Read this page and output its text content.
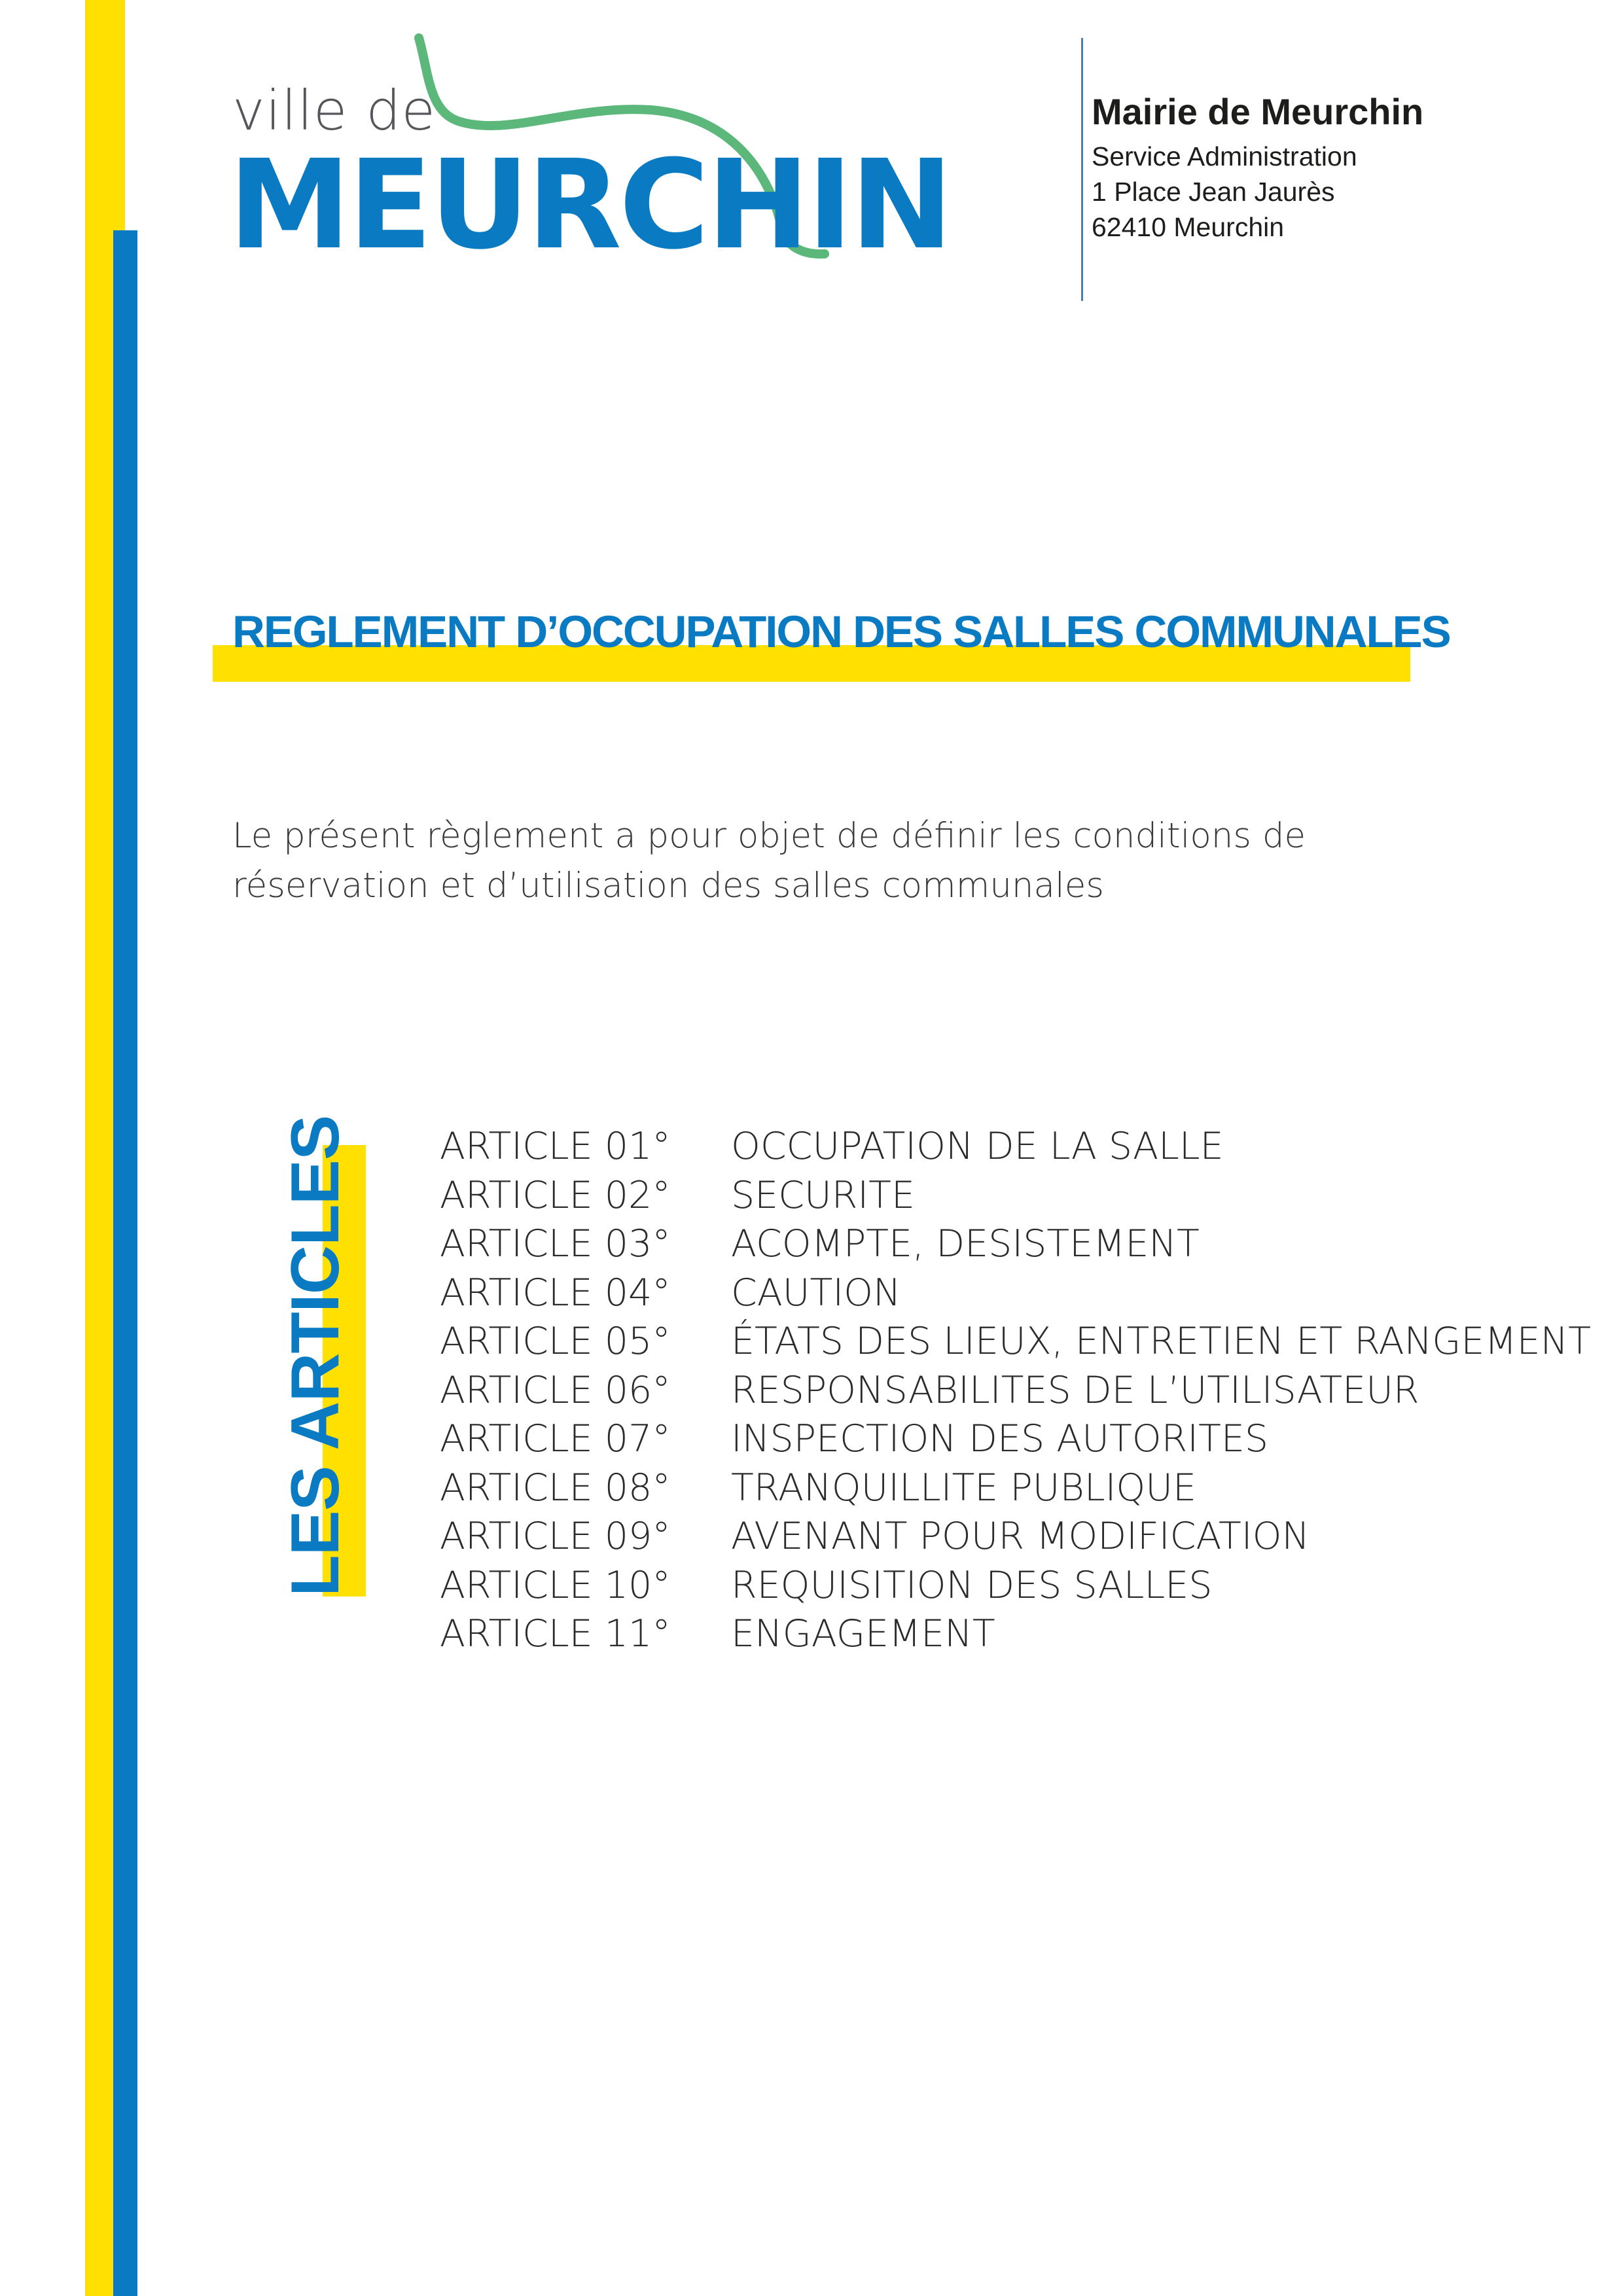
ville de
MEURCHIN
Mairie de Meurchin
Service Administration
1 Place Jean Jaurès
62410 Meurchin
REGLEMENT D’OCCUPATION DES SALLES COMMUNALES

Le présent règlement a pour objet de définir les conditions de réservation et d’utilisation des salles communales

LES ARTICLES ARTICLE 01°	OCCUPATION DE LA SALLE
ARTICLE 02°	SECURITE
ARTICLE 03°	ACOMPTE, DESISTEMENT
ARTICLE 04°	CAUTION
ARTICLE 05°	ÉTATS DES LIEUX, ENTRETIEN ET RANGEMENT
ARTICLE 06°	RESPONSABILITES DE L’UTILISATEUR
ARTICLE 07°	INSPECTION DES AUTORITES
ARTICLE 08°	TRANQUILLITE PUBLIQUE
ARTICLE 09°	AVENANT POUR MODIFICATION
ARTICLE 10°	REQUISITION DES SALLES
ARTICLE 11°	ENGAGEMENT
